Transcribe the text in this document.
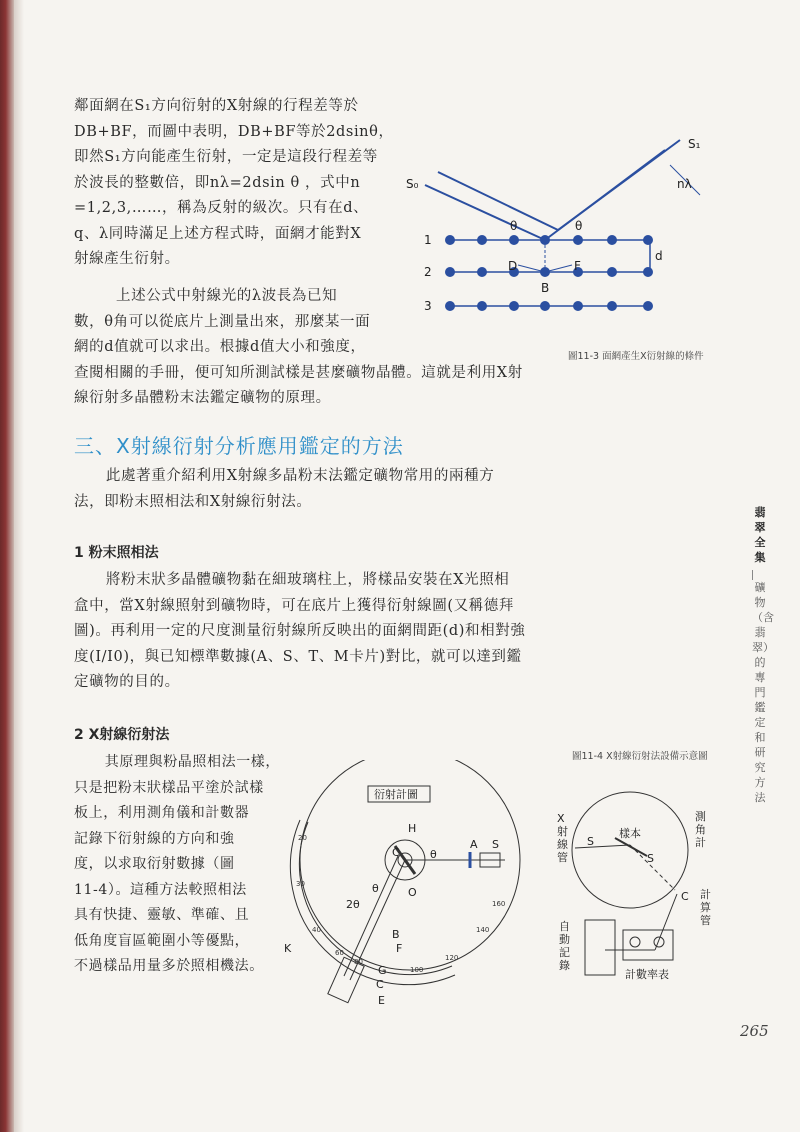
鄰面網在S₁方向衍射的X射線的行程差等於
DB+BF，而圖中表明，DB+BF等於2dsinθ，
即然S₁方向能產生衍射，一定是這段行程差等
於波長的整數倍，即nλ=2dsin θ ，式中n
=1,2,3,……，稱為反射的級次。只有在d、
q、λ同時滿足上述方程式時，面網才能對X
射線產生衍射。
上述公式中射線光的λ波長為已知
數，θ角可以從底片上測量出來，那麼某一面
網的d值就可以求出。根據d值大小和強度，
查閱相關的手冊，便可知所測試樣是甚麼礦物晶體。這就是利用X射
線衍射多晶體粉末法鑑定礦物的原理。
S₁
S₀	nλ
θ	θ
1
2
3
d
D	F
B
圖11-3 面網產生X衍射線的條件
三、X射線衍射分析應用鑑定的方法
此處著重介紹利用X射線多晶粉末法鑑定礦物常用的兩種方
法，即粉末照相法和X射線衍射法。
1 粉末照相法
將粉末狀多晶體礦物黏在細玻璃柱上，將樣品安裝在X光照相
盒中，當X射線照射到礦物時，可在底片上獲得衍射線圖(又稱德拜
圖)。再利用一定的尺度測量衍射線所反映出的面網間距(d)和相對強
度(I/I0)，與已知標準數據(A、S、T、M卡片)對比，就可以達到鑑
定礦物的目的。
2 X射線衍射法
其原理與粉晶照相法一樣，
只是把粉末狀樣品平塗於試樣
板上，利用測角儀和計數器
記錄下衍射線的方向和強
度，以求取衍射數據（圖
11-4）。這種方法較照相法
具有快捷、靈敏、準確、且
低角度盲區範圍小等優點，
不過樣品用量多於照相機法。
衍射計圖
H
C	θ
θ
2θ
A S
O
B
F
K
G
C
E
40
60
80
100
120
140
160
30
20
圖11-4 X射線衍射法設備示意圖
X 射線管
S
樣本
S
測角計
C 計算管
自動記錄
計數率表
翡翠全集
礦物（含翡翠）的專門鑑定和研究方法
265
